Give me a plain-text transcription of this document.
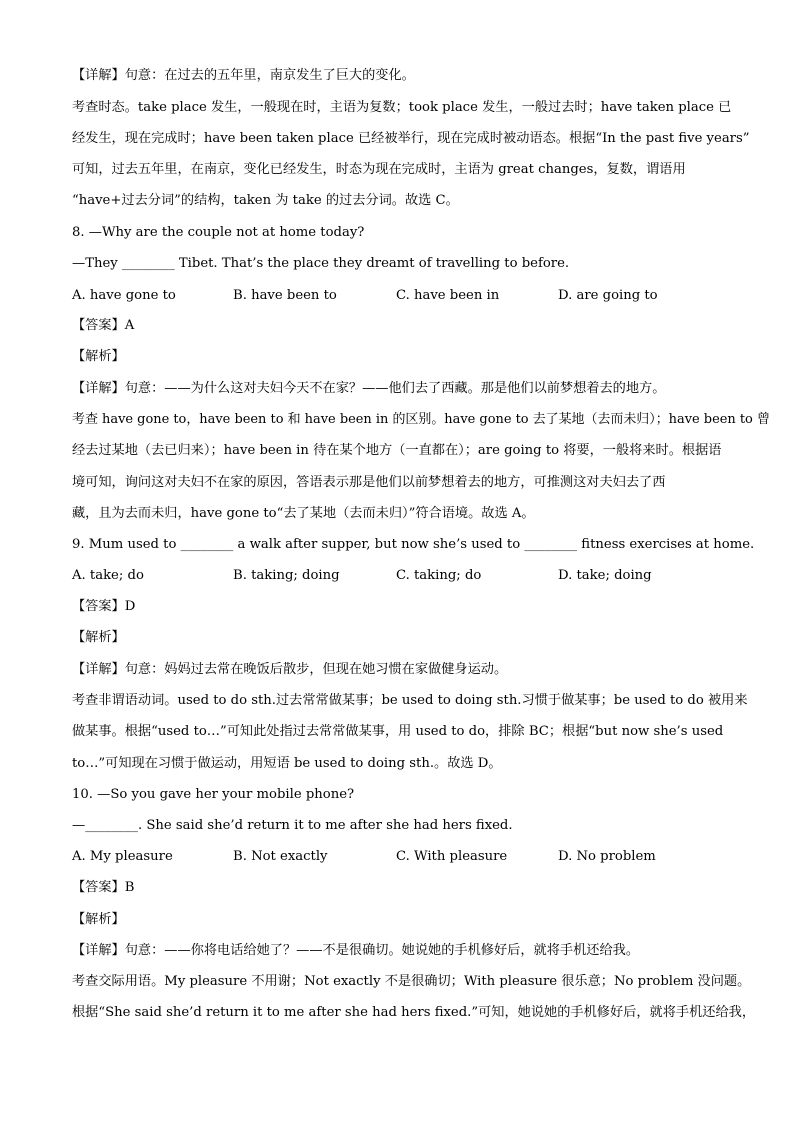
【详解】句意：在过去的五年里，南京发生了巨大的变化。
考查时态。take place 发生，一般现在时，主语为复数；took place 发生，一般过去时；have taken place 已
经发生，现在完成时；have been taken place 已经被举行，现在完成时被动语态。根据“In the past five years”
可知，过去五年里，在南京，变化已经发生，时态为现在完成时，主语为 great changes，复数，谓语用
“have+过去分词”的结构，taken 为 take 的过去分词。故选 C。
8. —Why are the couple not at home today?
—They ________ Tibet. That’s the place they dreamt of travelling to before.
A. have gone to	B. have been to	C. have been in	D. are going to
【答案】A
【解析】
【详解】句意：——为什么这对夫妇今天不在家？——他们去了西藏。那是他们以前梦想着去的地方。
考查 have gone to，have been to 和 have been in 的区别。have gone to 去了某地（去而未归）；have been to 曾
经去过某地（去已归来）；have been in 待在某个地方（一直都在）；are going to 将要，一般将来时。根据语
境可知，询问这对夫妇不在家的原因，答语表示那是他们以前梦想着去的地方，可推测这对夫妇去了西
藏，且为去而未归，have gone to“去了某地（去而未归）”符合语境。故选 A。
9. Mum used to ________ a walk after supper, but now she’s used to ________ fitness exercises at home.
A. take; do	B. taking; doing	C. taking; do	D. take; doing
【答案】D
【解析】
【详解】句意：妈妈过去常在晚饭后散步，但现在她习惯在家做健身运动。
考查非谓语动词。used to do sth.过去常常做某事；be used to doing sth.习惯于做某事；be used to do 被用来
做某事。根据“used to…”可知此处指过去常常做某事，用 used to do，排除 BC；根据“but now she’s used
to…”可知现在习惯于做运动，用短语 be used to doing sth.。故选 D。
10. —So you gave her your mobile phone?
—________. She said she’d return it to me after she had hers fixed.
A. My pleasure	B. Not exactly	C. With pleasure	D. No problem
【答案】B
【解析】
【详解】句意：——你将电话给她了？——不是很确切。她说她的手机修好后，就将手机还给我。
考查交际用语。My pleasure 不用谢；Not exactly 不是很确切；With pleasure 很乐意；No problem 没问题。
根据“She said she’d return it to me after she had hers fixed.”可知，她说她的手机修好后，就将手机还给我，
